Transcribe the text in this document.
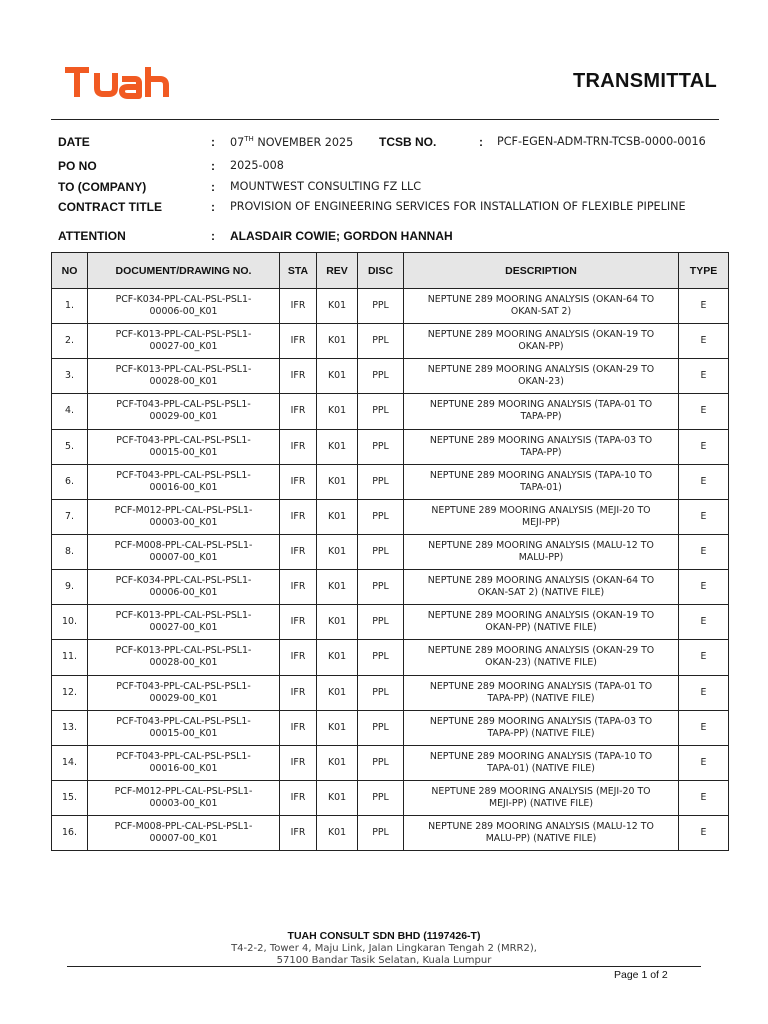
TRANSMITTAL
DATE	: 07TH NOVEMBER 2025 TCSB NO.	: PCF-EGEN-ADM-TRN-TCSB-0000-0016
PO NO	: 2025-008
TO (COMPANY)	: MOUNTWEST CONSULTING FZ LLC
CONTRACT TITLE	: PROVISION OF ENGINEERING SERVICES FOR INSTALLATION OF FLEXIBLE PIPELINE
ATTENTION	: ALASDAIR COWIE; GORDON HANNAH
NO	DOCUMENT/DRAWING NO.	STA	REV	DISC	DESCRIPTION	TYPE
1.	PCF-K034-PPL-CAL-PSL-PSL1-
00006-00_K01	IFR	K01	PPL	NEPTUNE 289 MOORING ANALYSIS (OKAN-64 TO
OKAN-SAT 2)	E
2.	PCF-K013-PPL-CAL-PSL-PSL1-
00027-00_K01	IFR	K01	PPL	NEPTUNE 289 MOORING ANALYSIS (OKAN-19 TO
OKAN-PP)	E
3.	PCF-K013-PPL-CAL-PSL-PSL1-
00028-00_K01	IFR	K01	PPL	NEPTUNE 289 MOORING ANALYSIS (OKAN-29 TO
OKAN-23)	E
4.	PCF-T043-PPL-CAL-PSL-PSL1-
00029-00_K01	IFR	K01	PPL	NEPTUNE 289 MOORING ANALYSIS (TAPA-01 TO
TAPA-PP)	E
5.	PCF-T043-PPL-CAL-PSL-PSL1-
00015-00_K01	IFR	K01	PPL	NEPTUNE 289 MOORING ANALYSIS (TAPA-03 TO
TAPA-PP)	E
6.	PCF-T043-PPL-CAL-PSL-PSL1-
00016-00_K01	IFR	K01	PPL	NEPTUNE 289 MOORING ANALYSIS (TAPA-10 TO
TAPA-01)	E
7.	PCF-M012-PPL-CAL-PSL-PSL1-
00003-00_K01	IFR	K01	PPL	NEPTUNE 289 MOORING ANALYSIS (MEJI-20 TO
MEJI-PP)	E
8.	PCF-M008-PPL-CAL-PSL-PSL1-
00007-00_K01	IFR	K01	PPL	NEPTUNE 289 MOORING ANALYSIS (MALU-12 TO
MALU-PP)	E
9.	PCF-K034-PPL-CAL-PSL-PSL1-
00006-00_K01	IFR	K01	PPL	NEPTUNE 289 MOORING ANALYSIS (OKAN-64 TO
OKAN-SAT 2) (NATIVE FILE)	E
10.	PCF-K013-PPL-CAL-PSL-PSL1-
00027-00_K01	IFR	K01	PPL	NEPTUNE 289 MOORING ANALYSIS (OKAN-19 TO
OKAN-PP) (NATIVE FILE)	E
11.	PCF-K013-PPL-CAL-PSL-PSL1-
00028-00_K01	IFR	K01	PPL	NEPTUNE 289 MOORING ANALYSIS (OKAN-29 TO
OKAN-23) (NATIVE FILE)	E
12.	PCF-T043-PPL-CAL-PSL-PSL1-
00029-00_K01	IFR	K01	PPL	NEPTUNE 289 MOORING ANALYSIS (TAPA-01 TO
TAPA-PP) (NATIVE FILE)	E
13.	PCF-T043-PPL-CAL-PSL-PSL1-
00015-00_K01	IFR	K01	PPL	NEPTUNE 289 MOORING ANALYSIS (TAPA-03 TO
TAPA-PP) (NATIVE FILE)	E
14.	PCF-T043-PPL-CAL-PSL-PSL1-
00016-00_K01	IFR	K01	PPL	NEPTUNE 289 MOORING ANALYSIS (TAPA-10 TO
TAPA-01) (NATIVE FILE)	E
15.	PCF-M012-PPL-CAL-PSL-PSL1-
00003-00_K01	IFR	K01	PPL	NEPTUNE 289 MOORING ANALYSIS (MEJI-20 TO
MEJI-PP) (NATIVE FILE)	E
16.	PCF-M008-PPL-CAL-PSL-PSL1-
00007-00_K01	IFR	K01	PPL	NEPTUNE 289 MOORING ANALYSIS (MALU-12 TO
MALU-PP) (NATIVE FILE)	E
TUAH CONSULT SDN BHD (1197426-T)
T4-2-2, Tower 4, Maju Link, Jalan Lingkaran Tengah 2 (MRR2),
57100 Bandar Tasik Selatan, Kuala Lumpur
Page 1 of 2
